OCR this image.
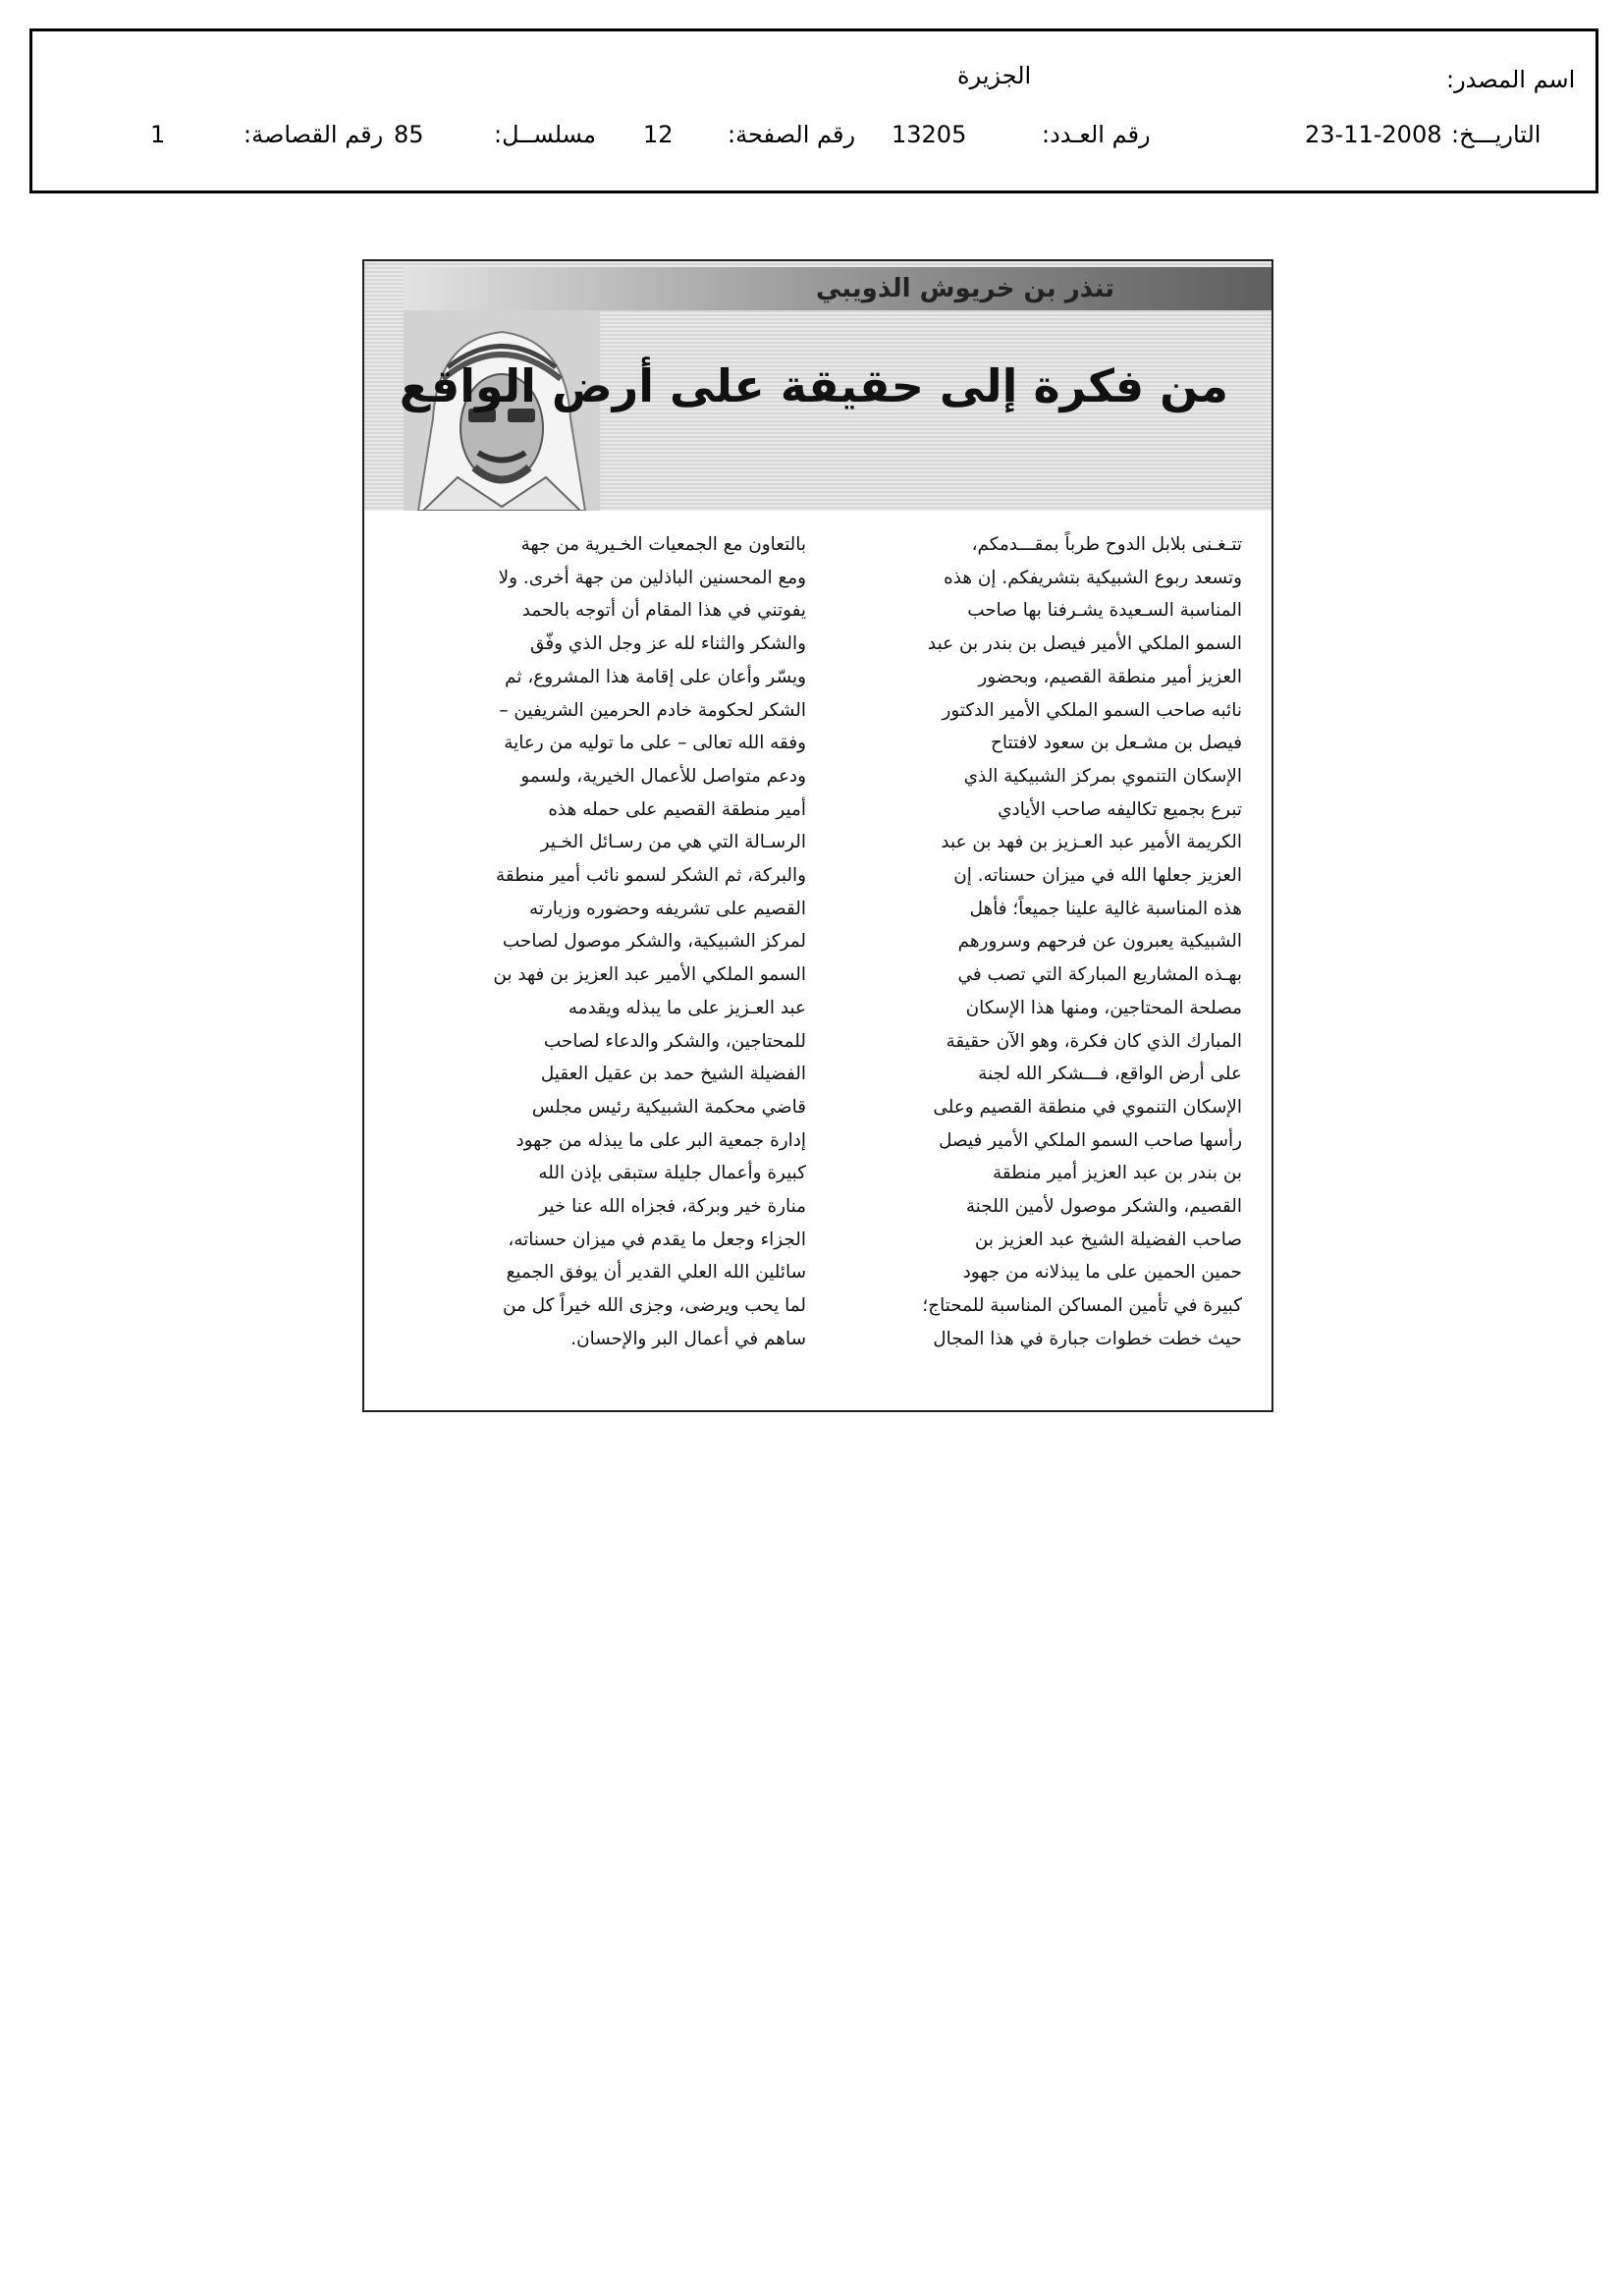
اسم المصدر:
الجزيرة
التاريـــخ:
23-11-2008
رقم العـدد:
13205
رقم الصفحة:
12
مسلســل:
85
رقم القصاصة:
1
تنذر بن خريوش الذويبي
من فكرة إلى حقيقة على أرض الواقع
تتـغـنى بلابل الدوح طرباً بمقـــدمكم،
وتسعد ربوع الشبيكية بتشريفكم. إن هذه
المناسبة السـعيدة يشـرفنا بها صاحب
السمو الملكي الأمير فيصل بن بندر بن عبد
العزيز أمير منطقة القصيم، وبحضور
نائبه صاحب السمو الملكي الأمير الدكتور
فيصل بن مشـعل بن سعود لافتتاح
الإسكان التنموي بمركز الشبيكية الذي
تبرع بجميع تكاليفه صاحب الأيادي
الكريمة الأمير عبد العـزيز بن فهد بن عبد
العزيز جعلها الله في ميزان حسناته. إن
هذه المناسبة غالية علينا جميعاً؛ فأهل
الشبيكية يعبرون عن فرحهم وسرورهم
بهـذه المشاريع المباركة التي تصب في
مصلحة المحتاجين، ومنها هذا الإسكان
المبارك الذي كان فكرة، وهو الآن حقيقة
على أرض الواقع، فـــشكر الله لجنة
الإسكان التنموي في منطقة القصيم وعلى
رأسها صاحب السمو الملكي الأمير فيصل
بن بندر بن عبد العزيز أمير منطقة
القصيم، والشكر موصول لأمين اللجنة
صاحب الفضيلة الشيخ عبد العزيز بن
حمين الحمين على ما يبذلانه من جهود
كبيرة في تأمين المساكن المناسبة للمحتاج؛
حيث خطت خطوات جبارة في هذا المجال
بالتعاون مع الجمعيات الخـيرية من جهة
ومع المحسنين الباذلين من جهة أخرى. ولا
يفوتني في هذا المقام أن أتوجه بالحمد
والشكر والثناء لله عز وجل الذي وفّق
ويسّر وأعان على إقامة هذا المشروع، ثم
الشكر لحكومة خادم الحرمين الشريفين –
وفقه الله تعالى – على ما توليه من رعاية
ودعم متواصل للأعمال الخيرية، ولسمو
أمير منطقة القصيم على حمله هذه
الرسـالة التي هي من رسـائل الخـير
والبركة، ثم الشكر لسمو نائب أمير منطقة
القصيم على تشريفه وحضوره وزيارته
لمركز الشبيكية، والشكر موصول لصاحب
السمو الملكي الأمير عبد العزيز بن فهد بن
عبد العـزيز على ما يبذله ويقدمه
للمحتاجين، والشكر والدعاء لصاحب
الفضيلة الشيخ حمد بن عقيل العقيل
قاضي محكمة الشبيكية رئيس مجلس
إدارة جمعية البر على ما يبذله من جهود
كبيرة وأعمال جليلة ستبقى بإذن الله
منارة خير وبركة، فجزاه الله عنا خير
الجزاء وجعل ما يقدم في ميزان حسناته،
سائلين الله العلي القدير أن يوفق الجميع
لما يحب ويرضى، وجزى الله خيراً كل من
ساهم في أعمال البر والإحسان.
